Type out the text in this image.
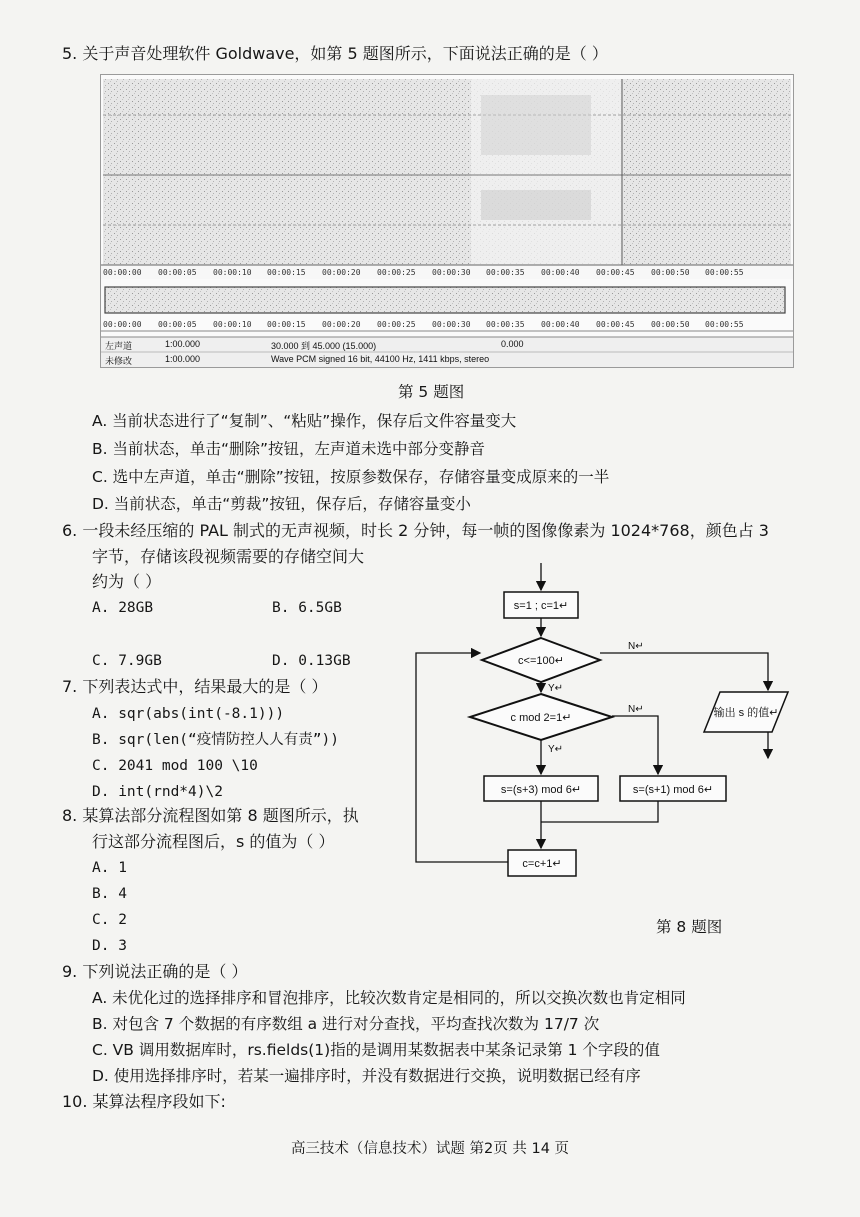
5. 关于声音处理软件 Goldwave，如第 5 题图所示，下面说法正确的是（ ）
00:00:00 00:00:05 00:00:10 00:00:15 00:00:20 00:00:25 00:00:30 00:00:35 00:00:40 00:00:45 00:00:50 00:00:55
00:00:00 00:00:05 00:00:10 00:00:15 00:00:20 00:00:25 00:00:30 00:00:35 00:00:40 00:00:45 00:00:50 00:00:55
左声道	1:00.000	30.000 到 45.000 (15.000)	0.000
未修改	1:00.000	Wave PCM signed 16 bit, 44100 Hz, 1411 kbps, stereo
第 5 题图
A. 当前状态进行了“复制”、“粘贴”操作，保存后文件容量变大
B. 当前状态，单击“删除”按钮，左声道未选中部分变静音
C. 选中左声道，单击“删除”按钮，按原参数保存，存储容量变成原来的一半
D. 当前状态，单击“剪裁”按钮，保存后，存储容量变小
6. 一段未经压缩的 PAL 制式的无声视频，时长 2 分钟，每一帧的图像像素为 1024*768，颜色占 3
字节，存储该段视频需要的存储空间大
约为（ ）
A. 28GB	B. 6.5GB
C. 7.9GB	D. 0.13GB
7. 下列表达式中，结果最大的是（ ）
A. sqr(abs(int(-8.1)))
B. sqr(len(“疫情防控人人有责”))
C. 2041 mod 100 \10
D. int(rnd*4)\2
8. 某算法部分流程图如第 8 题图所示，执
行这部分流程图后，s 的值为（ ）
A. 1
B. 4
C. 2
D. 3
s=1 ; c=1↵
c<=100↵
N↵
Y↵
输出 s 的值↵
c mod 2=1↵
N↵
Y↵
s=(s+3) mod 6↵	s=(s+1) mod 6↵
c=c+1↵
第 8 题图
9. 下列说法正确的是（ ）
A. 未优化过的选择排序和冒泡排序，比较次数肯定是相同的，所以交换次数也肯定相同
B. 对包含 7 个数据的有序数组 a 进行对分查找，平均查找次数为 17/7 次
C. VB 调用数据库时，rs.fields(1)指的是调用某数据表中某条记录第 1 个字段的值
D. 使用选择排序时，若某一遍排序时，并没有数据进行交换，说明数据已经有序
10. 某算法程序段如下:
高三技术（信息技术）试题 第2页 共 14 页
